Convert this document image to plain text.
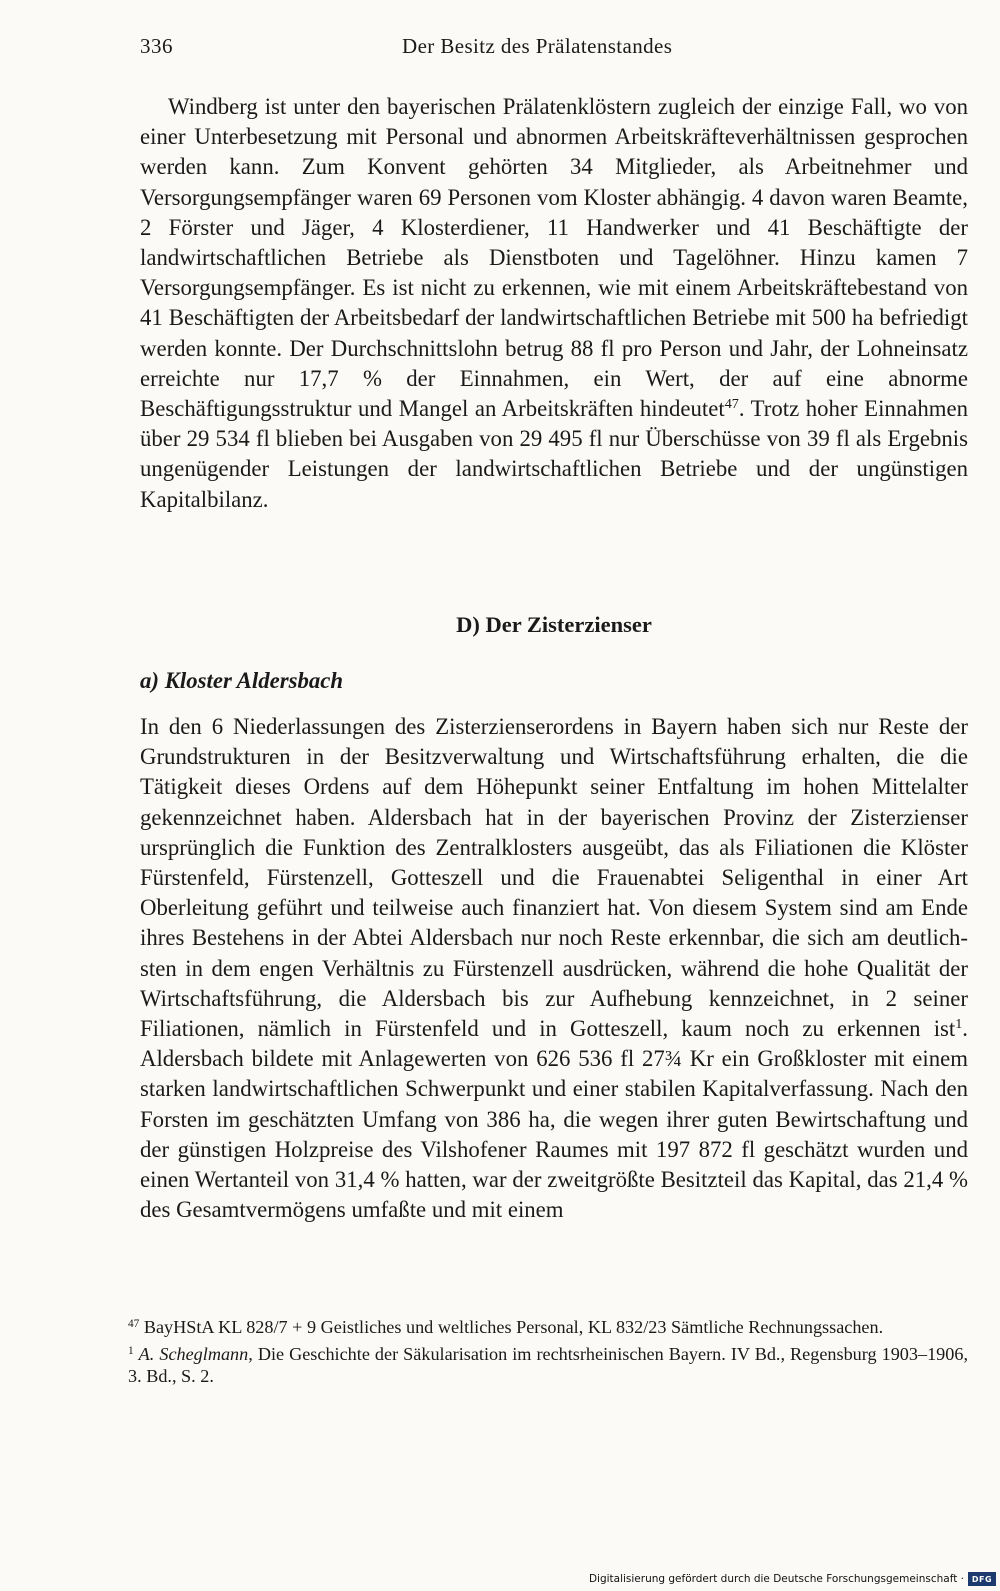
336	Der Besitz des Prälatenstandes

Windberg ist unter den bayerischen Prälatenklöstern zugleich der einzige Fall, wo von einer Unterbesetzung mit Personal und abnormen Arbeitskräfteverhältnissen gesprochen werden kann. Zum Konvent gehörten 34 Mitglieder, als Arbeitnehmer und Versorgungsempfänger waren 69 Personen vom Kloster abhängig. 4 davon waren Beamte, 2 Förster und Jäger, 4 Klosterdiener, 11 Handwerker und 41 Beschäftigte der landwirtschaftlichen Betriebe als Dienstboten und Tagelöhner. Hinzu kamen 7 Versorgungsempfänger. Es ist nicht zu erkennen, wie mit einem Arbeitskräftebestand von 41 Beschäftigten der Arbeitsbedarf der landwirtschaftlichen Betriebe mit 500 ha befriedigt werden konnte. Der Durchschnittslohn betrug 88 fl pro Person und Jahr, der Lohneinsatz erreichte nur 17,7 % der Einnahmen, ein Wert, der auf eine abnorme Beschäftigungsstruktur und Mangel an Arbeitskräften hindeutet$^{47}$. Trotz hoher Einnahmen über 29 534 fl blieben bei Ausgaben von 29 495 fl nur Überschüsse von 39 fl als Ergebnis ungenügender Leistungen der landwirtschaftlichen Betriebe und der ungünstigen Kapitalbilanz.

D) Der Zisterzienser
a) Kloster Aldersbach

In den 6 Niederlassungen des Zisterzienserordens in Bayern haben sich nur Reste der Grundstrukturen in der Besitzverwaltung und Wirtschaftsführung erhalten, die die Tätigkeit dieses Ordens auf dem Höhepunkt seiner Entfaltung im hohen Mittelalter gekennzeichnet haben. Aldersbach hat in der bayerischen Provinz der Zisterzienser ursprünglich die Funktion des Zentralklosters ausgeübt, das als Filiationen die Klöster Fürstenfeld, Fürstenzell, Gotteszell und die Frauenabtei Seligenthal in einer Art Oberleitung geführt und teilweise auch finanziert hat. Von diesem System sind am Ende ihres Bestehens in der Abtei Aldersbach nur noch Reste erkennbar, die sich am deutlichsten in dem engen Verhältnis zu Fürstenzell ausdrücken, während die hohe Qualität der Wirtschaftsführung, die Aldersbach bis zur Aufhebung kennzeichnet, in 2 seiner Filiationen, nämlich in Fürstenfeld und in Gotteszell, kaum noch zu erkennen ist$^1$. Aldersbach bildete mit Anlagewerten von 626 536 fl 27¾ Kr ein Großkloster mit einem starken landwirtschaftlichen Schwerpunkt und einer stabilen Kapitalverfassung. Nach den Forsten im geschätzten Umfang von 386 ha, die wegen ihrer guten Bewirtschaftung und der günstigen Holzpreise des Vilshofener Raumes mit 197 872 fl geschätzt wurden und einen Wertanteil von 31,4 % hatten, war der zweitgrößte Besitzteil das Kapital, das 21,4 % des Gesamtvermögens umfaßte und mit einem

$^{47}$ BayHStA KL 828/7 + 9 Geistliches und weltliches Personal, KL 832/23 Sämtliche Rechnungssachen.

$^1$ A. Scheglmann, Die Geschichte der Säkularisation im rechtsrheinischen Bayern. IV Bd., Regensburg 1903–1906, 3. Bd., S. 2.

Digitalisierung gefördert durch die Deutsche Forschungsgemeinschaft · DFG
